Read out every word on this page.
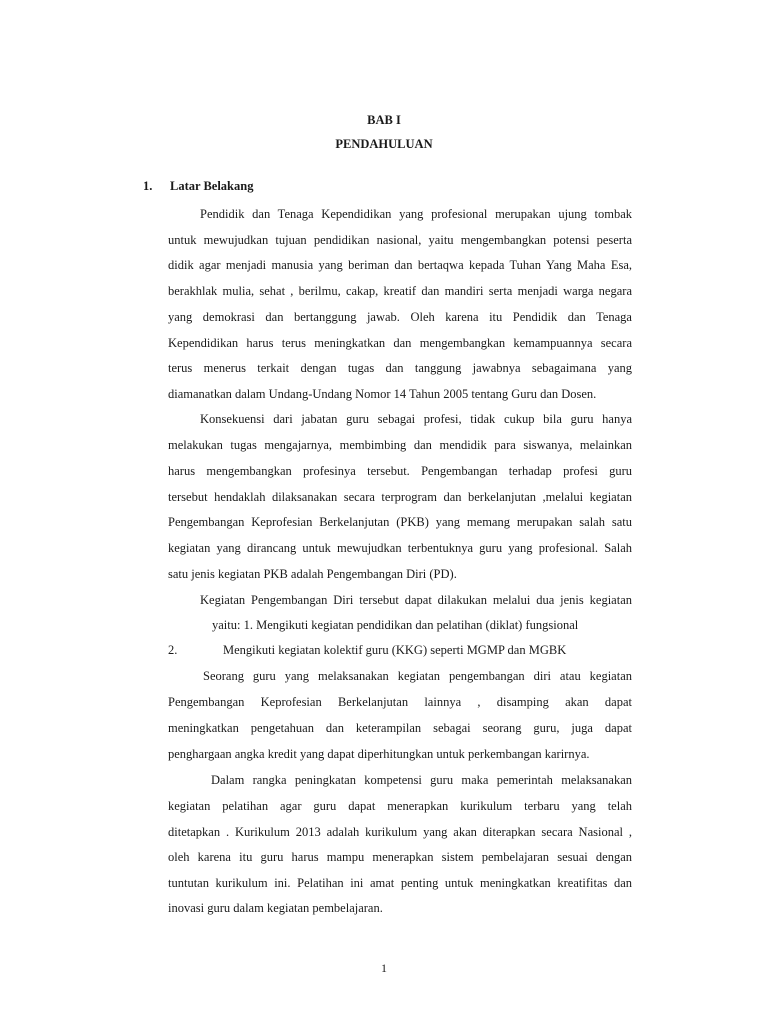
BAB I
PENDAHULUAN
1. Latar Belakang
Pendidik dan Tenaga Kependidikan yang profesional merupakan ujung tombak
untuk mewujudkan tujuan pendidikan nasional, yaitu mengembangkan potensi peserta
didik agar menjadi manusia yang beriman dan bertaqwa kepada Tuhan Yang Maha Esa,
berakhlak mulia, sehat , berilmu, cakap, kreatif dan mandiri serta menjadi warga negara
yang demokrasi dan bertanggung jawab. Oleh karena itu Pendidik dan Tenaga
Kependidikan harus terus meningkatkan dan mengembangkan kemampuannya secara
terus menerus terkait dengan tugas dan tanggung jawabnya sebagaimana yang
diamanatkan dalam Undang-Undang Nomor 14 Tahun 2005 tentang Guru dan Dosen.
Konsekuensi dari jabatan guru sebagai profesi, tidak cukup bila guru hanya
melakukan tugas mengajarnya, membimbing dan mendidik para siswanya, melainkan
harus mengembangkan profesinya tersebut. Pengembangan terhadap profesi guru
tersebut hendaklah dilaksanakan secara terprogram dan berkelanjutan ,melalui kegiatan
Pengembangan Keprofesian Berkelanjutan (PKB) yang memang merupakan salah satu
kegiatan yang dirancang untuk mewujudkan terbentuknya guru yang profesional. Salah
satu jenis kegiatan PKB adalah Pengembangan Diri (PD).
Kegiatan Pengembangan Diri tersebut dapat dilakukan melalui dua jenis kegiatan
yaitu: 1. Mengikuti kegiatan pendidikan dan pelatihan (diklat) fungsional
2.	Mengikuti kegiatan kolektif guru (KKG) seperti MGMP dan MGBK
Seorang guru yang melaksanakan kegiatan pengembangan diri atau kegiatan
Pengembangan Keprofesian Berkelanjutan lainnya , disamping akan dapat
meningkatkan pengetahuan dan keterampilan sebagai seorang guru, juga dapat
penghargaan angka kredit yang dapat diperhitungkan untuk perkembangan karirnya.
Dalam rangka peningkatan kompetensi guru maka pemerintah melaksanakan
kegiatan pelatihan agar guru dapat menerapkan kurikulum terbaru yang telah
ditetapkan . Kurikulum 2013 adalah kurikulum yang akan diterapkan secara Nasional ,
oleh karena itu guru harus mampu menerapkan sistem pembelajaran sesuai dengan
tuntutan kurikulum ini. Pelatihan ini amat penting untuk meningkatkan kreatifitas dan
inovasi guru dalam kegiatan pembelajaran.
1
